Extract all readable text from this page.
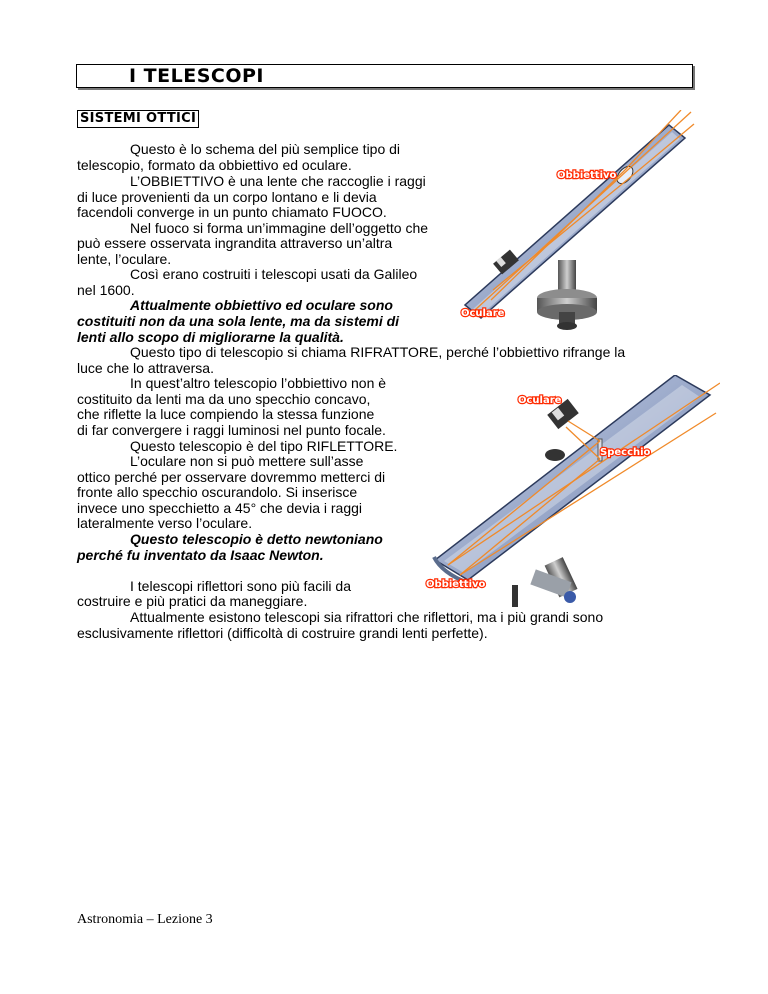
I TELESCOPI
SISTEMI OTTICI

Questo è lo schema del più semplice tipo di

telescopio, formato da obbiettivo ed oculare.

L’OBBIETTIVO è una lente che raccoglie i raggi

di luce provenienti da un corpo lontano e li devia

facendoli converge in un punto chiamato FUOCO.

Nel fuoco si forma un’immagine dell’oggetto che

può essere osservata ingrandita attraverso un’altra

lente, l’oculare.

Così erano costruiti i telescopi usati da Galileo

nel 1600.

Attualmente obbiettivo ed oculare sono

costituiti non da una sola lente, ma da sistemi di

lenti allo scopo di migliorarne la qualità.

Questo tipo di telescopio si chiama RIFRATTORE, perché l’obbiettivo rifrange la

luce che lo attraversa.

In quest’altro telescopio l’obbiettivo non è

costituito da lenti ma da uno specchio concavo,

che riflette la luce compiendo la stessa funzione

di far convergere i raggi luminosi nel punto focale.

Questo telescopio è del tipo RIFLETTORE.

L’oculare non si può mettere sull’asse

ottico perché per osservare dovremmo metterci di

fronte allo specchio oscurandolo. Si inserisce

invece uno specchietto a 45° che devia i raggi

lateralmente verso l’oculare.

Questo telescopio è detto newtoniano

perché fu inventato da Isaac Newton.

I telescopi riflettori sono più facili da

costruire e più pratici da maneggiare.

Attualmente esistono telescopi sia rifrattori che riflettori, ma i più grandi sono

esclusivamente riflettori (difficoltà di costruire grandi lenti perfette).

Obbiettivo
Oculare
Oculare
Specchio
Obbiettivo
Astronomia – Lezione 3
